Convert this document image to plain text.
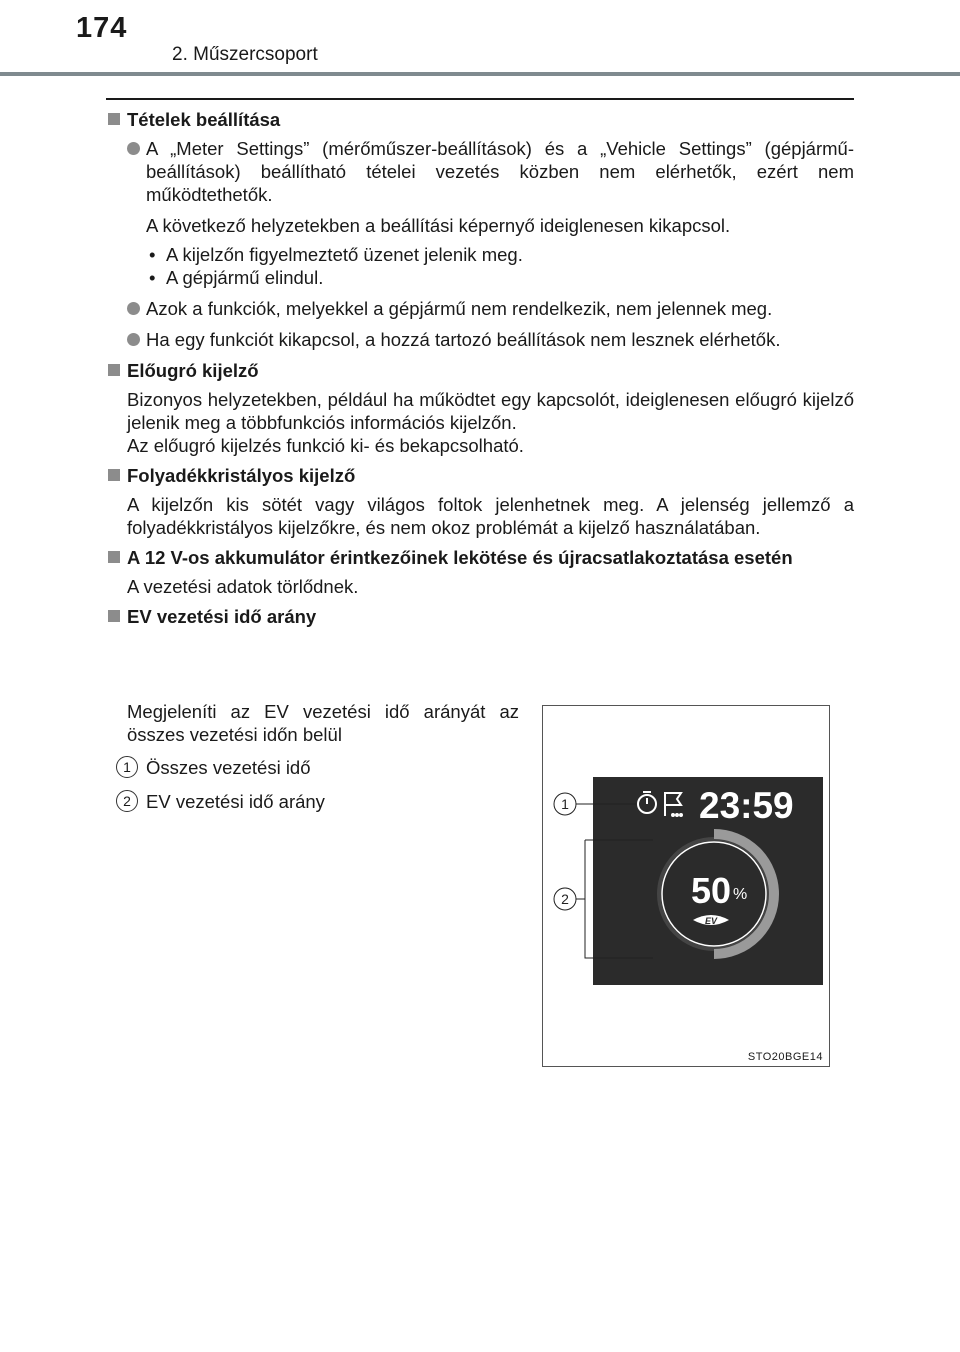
174
2. Műszercsoport
Tételek beállítása
A „Meter Settings” (mérőműszer-beállítások) és a „Vehicle Settings” (gépjármű-beállítások) beállítható tételei vezetés közben nem elérhetők, ezért nem működtethetők.
A következő helyzetekben a beállítási képernyő ideiglenesen kikapcsol.
• A kijelzőn figyelmeztető üzenet jelenik meg.
• A gépjármű elindul.
Azok a funkciók, melyekkel a gépjármű nem rendelkezik, nem jelennek meg.
Ha egy funkciót kikapcsol, a hozzá tartozó beállítások nem lesznek elérhetők.
Előugró kijelző
Bizonyos helyzetekben, például ha működtet egy kapcsolót, ideiglenesen előugró kijelző jelenik meg a többfunkciós információs kijelzőn.
Az előugró kijelzés funkció ki- és bekapcsolható.
Folyadékkristályos kijelző
A kijelzőn kis sötét vagy világos foltok jelenhetnek meg. A jelenség jellemző a folyadékkristályos kijelzőkre, és nem okoz problémát a kijelző használatában.
A 12 V-os akkumulátor érintkezőinek lekötése és újracsatlakoztatása esetén
A vezetési adatok törlődnek.
EV vezetési idő arány
Megjeleníti az EV vezetési idő arányát az összes vezetési időn belül
1 Összes vezetési idő
2 EV vezetési idő arány	23:59
50 %
EV
1
2
STO20BGE14
